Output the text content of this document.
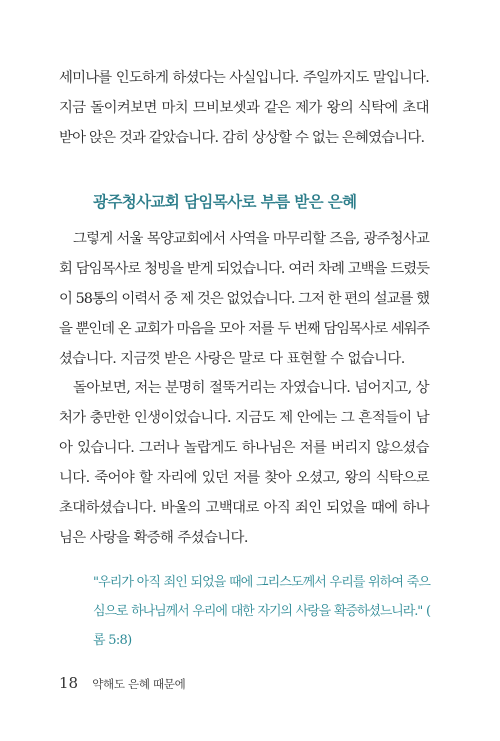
세미나를 인도하게 하셨다는 사실입니다. 주일까지도 말입니다.
지금 돌이켜보면 마치 므비보셋과 같은 제가 왕의 식탁에 초대
받아 앉은 것과 같았습니다. 감히 상상할 수 없는 은혜였습니다.

광주청사교회 담임목사로 부름 받은 은혜

그렇게 서울 목양교회에서 사역을 마무리할 즈음, 광주청사교
회 담임목사로 청빙을 받게 되었습니다. 여러 차례 고백을 드렸듯
이 58통의 이력서 중 제 것은 없었습니다. 그저 한 편의 설교를 했
을 뿐인데 온 교회가 마음을 모아 저를 두 번째 담임목사로 세워주
셨습니다. 지금껏 받은 사랑은 말로 다 표현할 수 없습니다.

돌아보면, 저는 분명히 절뚝거리는 자였습니다. 넘어지고, 상
처가 충만한 인생이었습니다. 지금도 제 안에는 그 흔적들이 남
아 있습니다. 그러나 놀랍게도 하나님은 저를 버리지 않으셨습
니다. 죽어야 할 자리에 있던 저를 찾아 오셨고, 왕의 식탁으로
초대하셨습니다. 바울의 고백대로 아직 죄인 되었을 때에 하나
님은 사랑을 확증해 주셨습니다.

"우리가 아직 죄인 되었을 때에 그리스도께서 우리를 위하여 죽으
심으로 하나님께서 우리에 대한 자기의 사랑을 확증하셨느니라." (
롬 5:8)

18 약해도 은혜 때문에
